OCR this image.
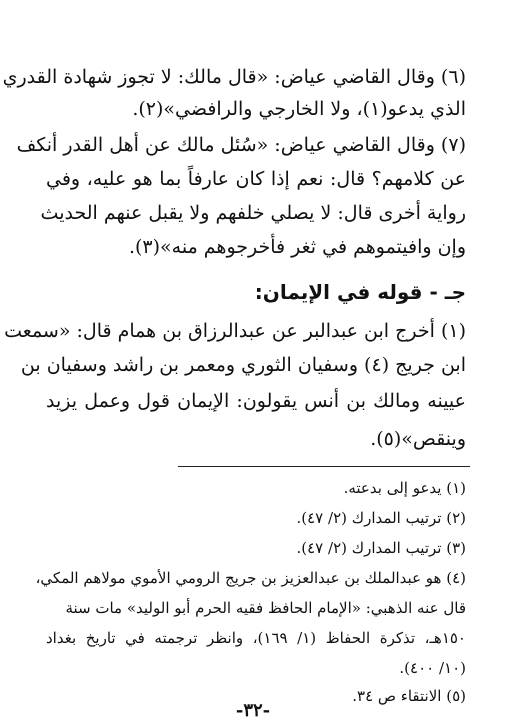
(٦) وقال القاضي عياض: «قال مالك: لا تجوز شهادة القدري
الذي يدعو(١)، ولا الخارجي والرافضي»(٢).
(٧) وقال القاضي عياض: «سُئل مالك عن أهل القدر أنكف
عن كلامهم؟ قال: نعم إذا كان عارفاً بما هو عليه، وفي
رواية أخرى قال: لا يصلي خلفهم ولا يقبل عنهم الحديث
وإن وافيتموهم في ثغر فأخرجوهم منه»(٣).
جـ - قوله في الإيمان:
(١) أخرج ابن عبدالبر عن عبدالرزاق بن همام قال: «سمعت
ابن جريج (٤) وسفيان الثوري ومعمر بن راشد وسفيان بن
عيينه ومالك بن أنس يقولون: الإيمان قول وعمل يزيد
وينقص»(٥).
(١) يدعو إلى بدعته.
(٢) ترتيب المدارك (٢/ ٤٧).
(٣) ترتيب المدارك (٢/ ٤٧).
(٤) هو عبدالملك بن عبدالعزيز بن جريج الرومي الأموي مولاهم المكي،
قال عنه الذهبي: «الإمام الحافظ فقيه الحرم أبو الوليد» مات سنة
١٥٠هـ، تذكرة الحفاظ (١/ ١٦٩)، وانظر ترجمته في تاريخ بغداد
(١٠/ ٤٠٠).
(٥) الانتقاء ص ٣٤.
-٣٢-
